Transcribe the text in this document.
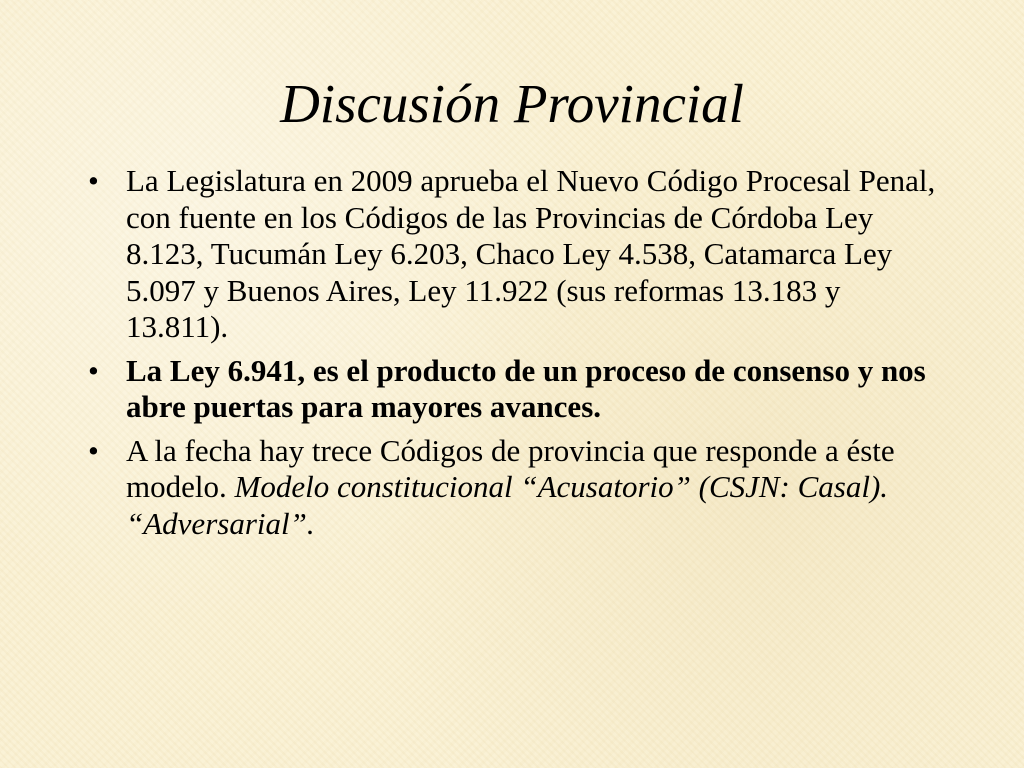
Discusión Provincial
• La Legislatura en 2009 aprueba el Nuevo Código Procesal Penal, con fuente en los Códigos de las Provincias de Córdoba Ley 8.123, Tucumán Ley 6.203, Chaco Ley 4.538, Catamarca Ley 5.097 y Buenos Aires, Ley 11.922 (sus reformas 13.183 y 13.811).
• La Ley 6.941, es el producto de un proceso de consenso y nos abre puertas para mayores avances.
• A la fecha hay trece Códigos de provincia que responde a éste modelo. Modelo constitucional “Acusatorio” (CSJN: Casal). “Adversarial”.
